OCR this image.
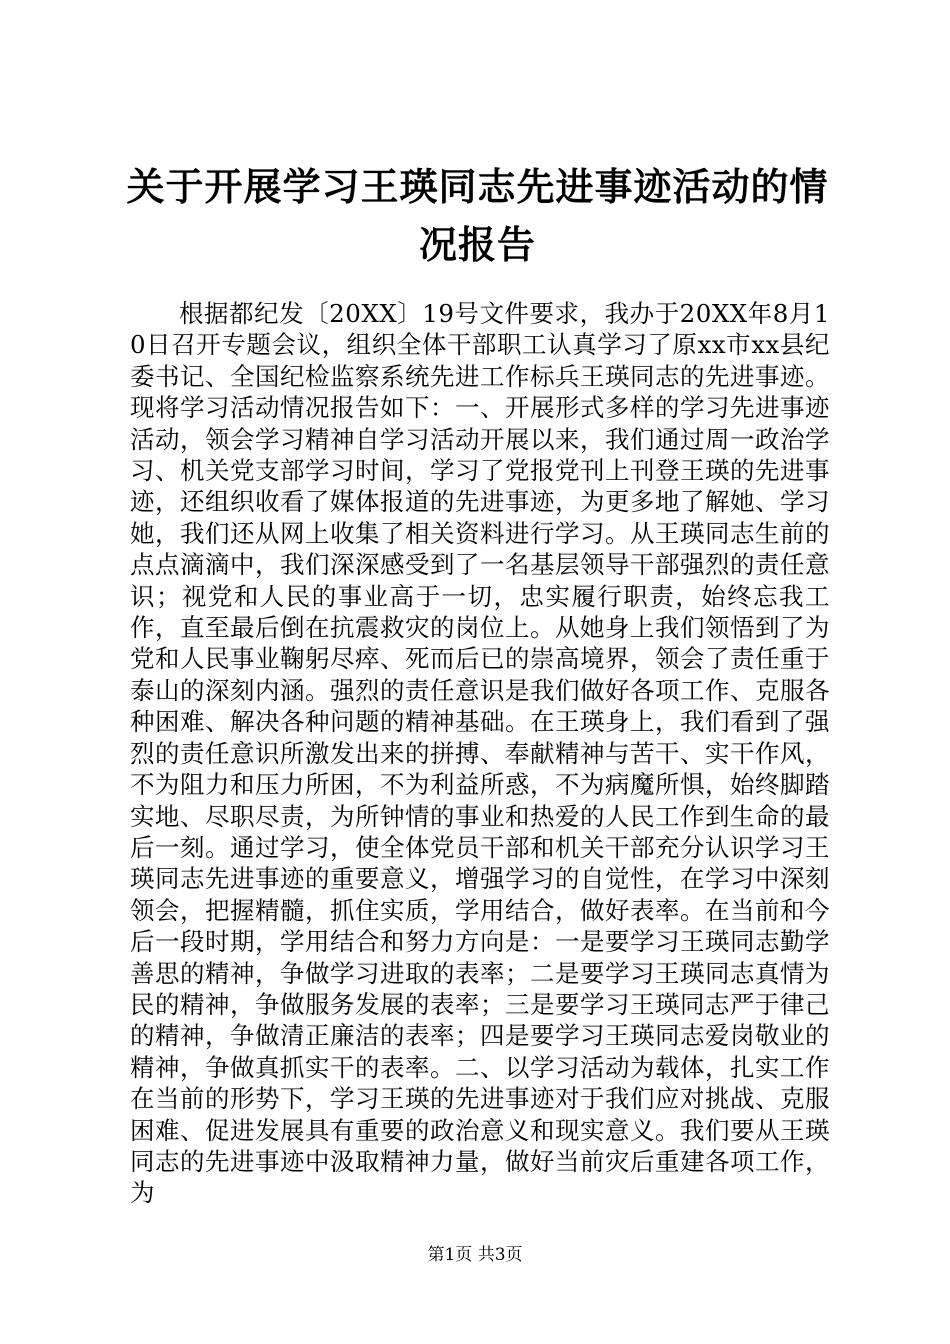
关于开展学习王瑛同志先进事迹活动的情况报告
根据都纪发〔20XX〕19号文件要求，我办于20XX年8月10日召开专题会议，组织全体干部职工认真学习了原xx市xx县纪委书记、全国纪检监察系统先进工作标兵王瑛同志的先进事迹。现将学习活动情况报告如下：一、开展形式多样的学习先进事迹活动，领会学习精神自学习活动开展以来，我们通过周一政治学习、机关党支部学习时间，学习了党报党刊上刊登王瑛的先进事迹，还组织收看了媒体报道的先进事迹，为更多地了解她、学习她，我们还从网上收集了相关资料进行学习。从王瑛同志生前的点点滴滴中，我们深深感受到了一名基层领导干部强烈的责任意识；视党和人民的事业高于一切，忠实履行职责，始终忘我工作，直至最后倒在抗震救灾的岗位上。从她身上我们领悟到了为党和人民事业鞠躬尽瘁、死而后已的崇高境界，领会了责任重于泰山的深刻内涵。强烈的责任意识是我们做好各项工作、克服各种困难、解决各种问题的精神基础。在王瑛身上，我们看到了强烈的责任意识所激发出来的拼搏、奉献精神与苦干、实干作风，不为阻力和压力所困，不为利益所惑，不为病魔所惧，始终脚踏实地、尽职尽责，为所钟情的事业和热爱的人民工作到生命的最后一刻。通过学习，使全体党员干部和机关干部充分认识学习王瑛同志先进事迹的重要意义，增强学习的自觉性，在学习中深刻领会，把握精髓，抓住实质，学用结合，做好表率。在当前和今后一段时期，学用结合和努力方向是：一是要学习王瑛同志勤学善思的精神，争做学习进取的表率；二是要学习王瑛同志真情为民的精神，争做服务发展的表率；三是要学习王瑛同志严于律己的精神，争做清正廉洁的表率；四是要学习王瑛同志爱岗敬业的精神，争做真抓实干的表率。二、以学习活动为载体，扎实工作在当前的形势下，学习王瑛的先进事迹对于我们应对挑战、克服困难、促进发展具有重要的政治意义和现实意义。我们要从王瑛同志的先进事迹中汲取精神力量，做好当前灾后重建各项工作，为
第1页 共3页
